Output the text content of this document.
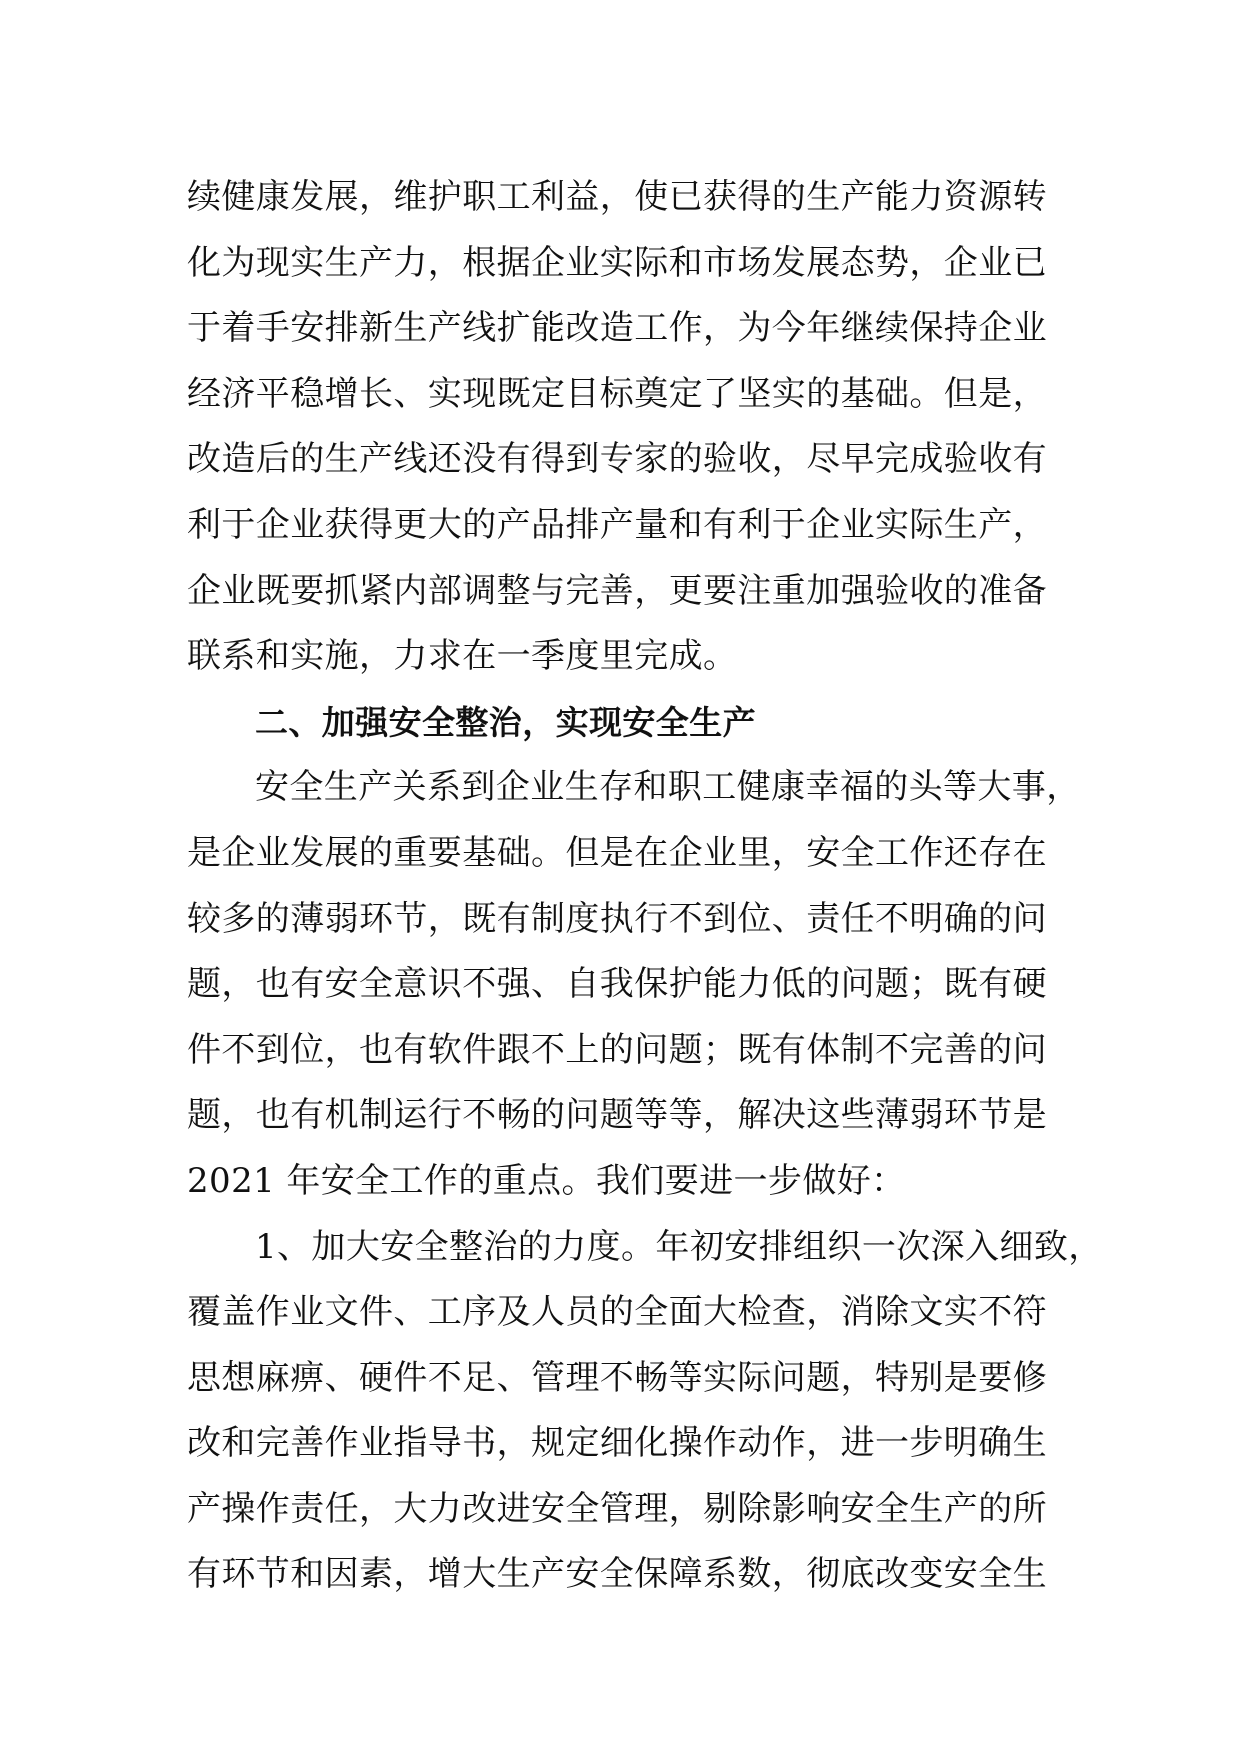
续健康发展，维护职工利益，使已获得的生产能力资源转
化为现实生产力，根据企业实际和市场发展态势，企业已
于着手安排新生产线扩能改造工作，为今年继续保持企业
经济平稳增长、实现既定目标奠定了坚实的基础。但是，
改造后的生产线还没有得到专家的验收，尽早完成验收有
利于企业获得更大的产品排产量和有利于企业实际生产，
企业既要抓紧内部调整与完善，更要注重加强验收的准备
联系和实施，力求在一季度里完成。
二、加强安全整治，实现安全生产
安全生产关系到企业生存和职工健康幸福的头等大事，
是企业发展的重要基础。但是在企业里，安全工作还存在
较多的薄弱环节，既有制度执行不到位、责任不明确的问
题，也有安全意识不强、自我保护能力低的问题；既有硬
件不到位，也有软件跟不上的问题；既有体制不完善的问
题，也有机制运行不畅的问题等等，解决这些薄弱环节是
2021 年安全工作的重点。我们要进一步做好：
1、加大安全整治的力度。年初安排组织一次深入细致，
覆盖作业文件、工序及人员的全面大检查，消除文实不符
思想麻痹、硬件不足、管理不畅等实际问题，特别是要修
改和完善作业指导书，规定细化操作动作，进一步明确生
产操作责任，大力改进安全管理，剔除影响安全生产的所
有环节和因素，增大生产安全保障系数，彻底改变安全生
